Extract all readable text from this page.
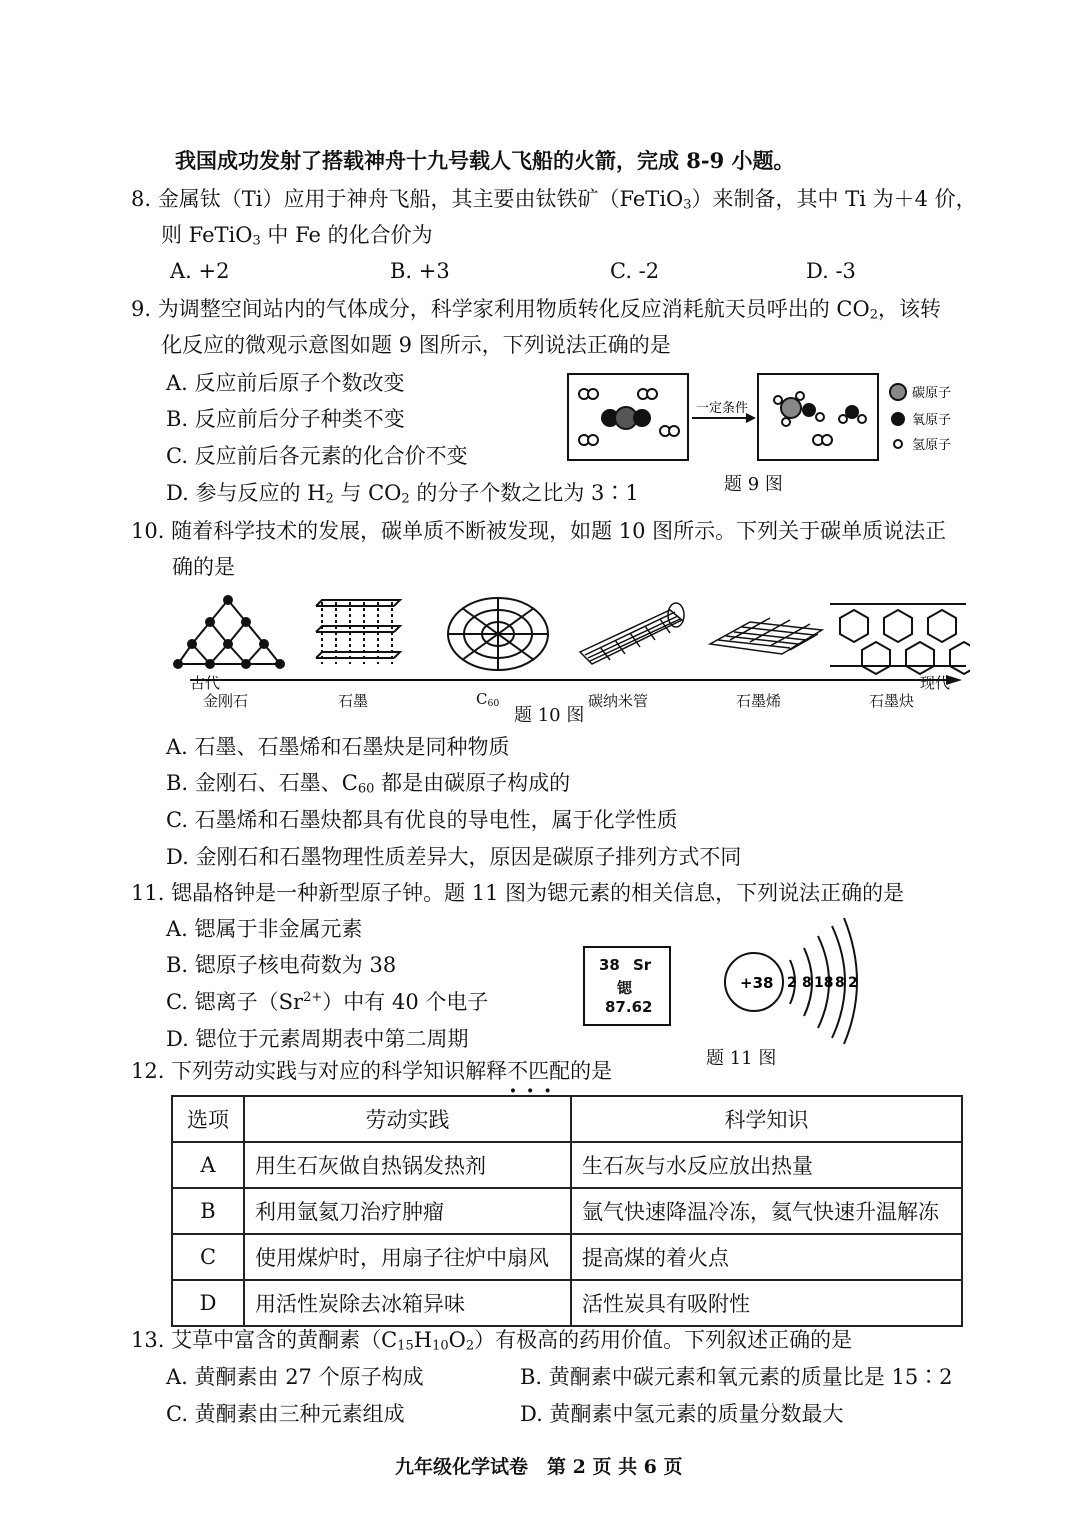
我国成功发射了搭载神舟十九号载人飞船的火箭，完成 8-9 小题。
8. 金属钛（Ti）应用于神舟飞船，其主要由钛铁矿（FeTiO$_3$）来制备，其中 Ti 为＋4 价，
则 FeTiO$_3$ 中 Fe 的化合价为
A. +2	B. +3	C. -2	D. -3
9. 为调整空间站内的气体成分，科学家利用物质转化反应消耗航天员呼出的 $CO_2$，该转
化反应的微观示意图如题 9 图所示，下列说法正确的是
A. 反应前后原子个数改变
B. 反应前后分子种类不变
C. 反应前后各元素的化合价不变
D. 参与反应的 $H_2$ 与 $CO_2$ 的分子个数之比为 3∶1
一定条件
碳原子
氧原子
氢原子
题 9 图
10. 随着科学技术的发展，碳单质不断被发现，如题 10 图所示。下列关于碳单质说法正
确的是
古代	现代
金刚石	石墨	$C_{60}$
题 10 图
碳纳米管	石墨烯	石墨炔
A. 石墨、石墨烯和石墨炔是同种物质
B. 金刚石、石墨、$C_{60}$ 都是由碳原子构成的
C. 石墨烯和石墨炔都具有优良的导电性，属于化学性质
D. 金刚石和石墨物理性质差异大，原因是碳原子排列方式不同
11. 锶晶格钟是一种新型原子钟。题 11 图为锶元素的相关信息，下列说法正确的是
A. 锶属于非金属元素
B. 锶原子核电荷数为 38
C. 锶离子$(Sr^{2+})$中有 40 个电子
D. 锶位于元素周期表中第二周期
38 Sr
锶
87.62
+38 2 8 18 8 2
题 11 图
12. 下列劳动实践与对应的科学知识解释不匹配 · · ·的是
选项	劳动实践	科学知识
A	用生石灰做自热锅发热剂	生石灰与水反应放出热量
B	利用氩氦刀治疗肿瘤	氩气快速降温冷冻，氦气快速升温解冻
C	使用煤炉时，用扇子往炉中扇风	提高煤的着火点
D	用活性炭除去冰箱异味	活性炭具有吸附性
13. 艾草中富含的黄酮素$(C_{15}H_{10}O_2)$有极高的药用价值。下列叙述正确的是
A. 黄酮素由 27 个原子构成	B. 黄酮素中碳元素和氧元素的质量比是 15∶2
C. 黄酮素由三种元素组成	D. 黄酮素中氢元素的质量分数最大
九年级化学试卷　第 2 页 共 6 页
